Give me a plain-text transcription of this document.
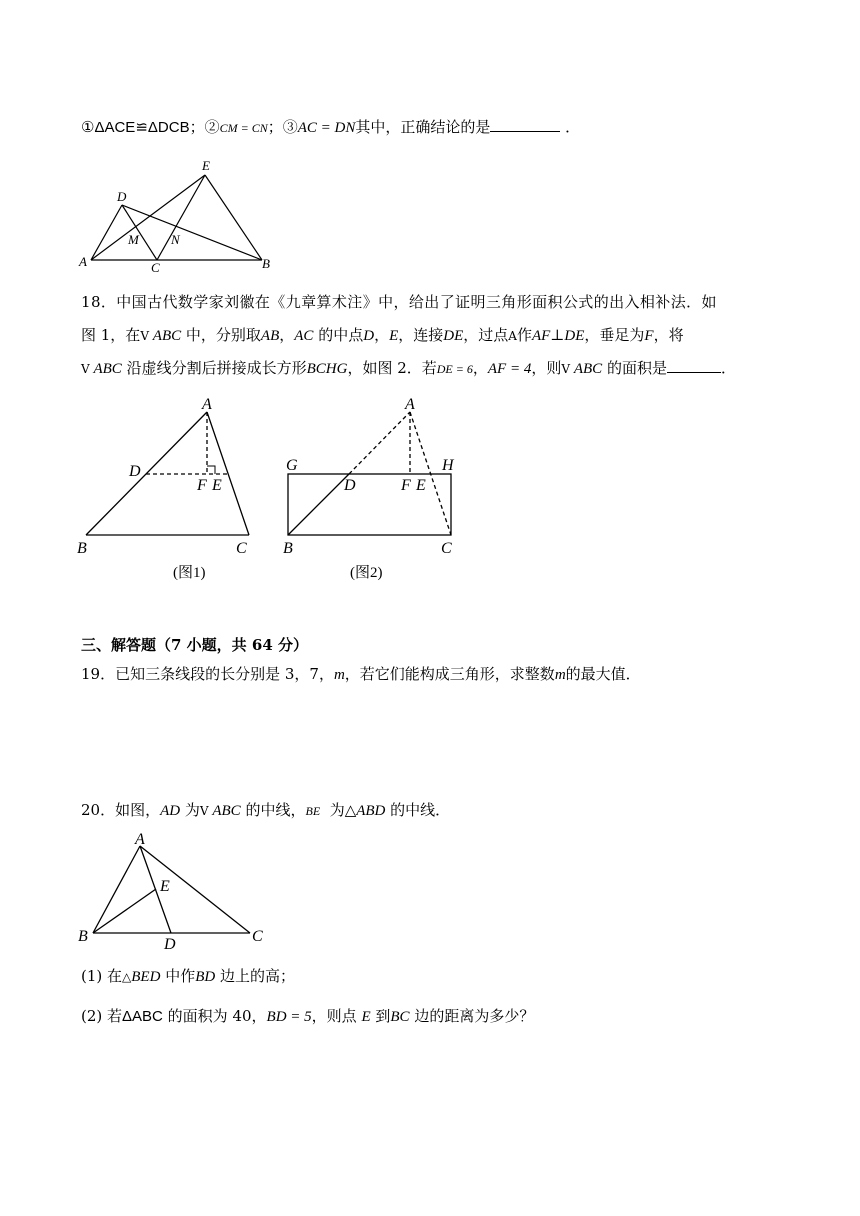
①ΔACE≌ΔDCB；②CM = CN；③AC = DN其中，正确结论的是	．
A	B
C
D
E
M N
18．中国古代数学家刘徽在《九章算术注》中，给出了证明三角形面积公式的出入相补法．如
图 1，在V ABC 中，分别取AB，AC 的中点D，E，连接DE，过点A作AF⊥DE，垂足为F，将
V ABC 沿虚线分割后拼接成长方形BCHG，如图 2．若DE = 6，AF = 4，则V ABC 的面积是	．
A
B	C
D
F E
(图1)
A
G	H
D	F E
B	C
(图2)
三、解答题（7 小题，共 64 分）
19．已知三条线段的长分别是 3，7，m，若它们能构成三角形，求整数m的最大值．
20．如图，AD 为V ABC 的中线，BE  为△ABD 的中线．
A
E
B	D	C
(1) 在△BED 中作BD 边上的高；
(2) 若ΔABC 的面积为 40，BD = 5，则点 E 到BC 边的距离为多少？
